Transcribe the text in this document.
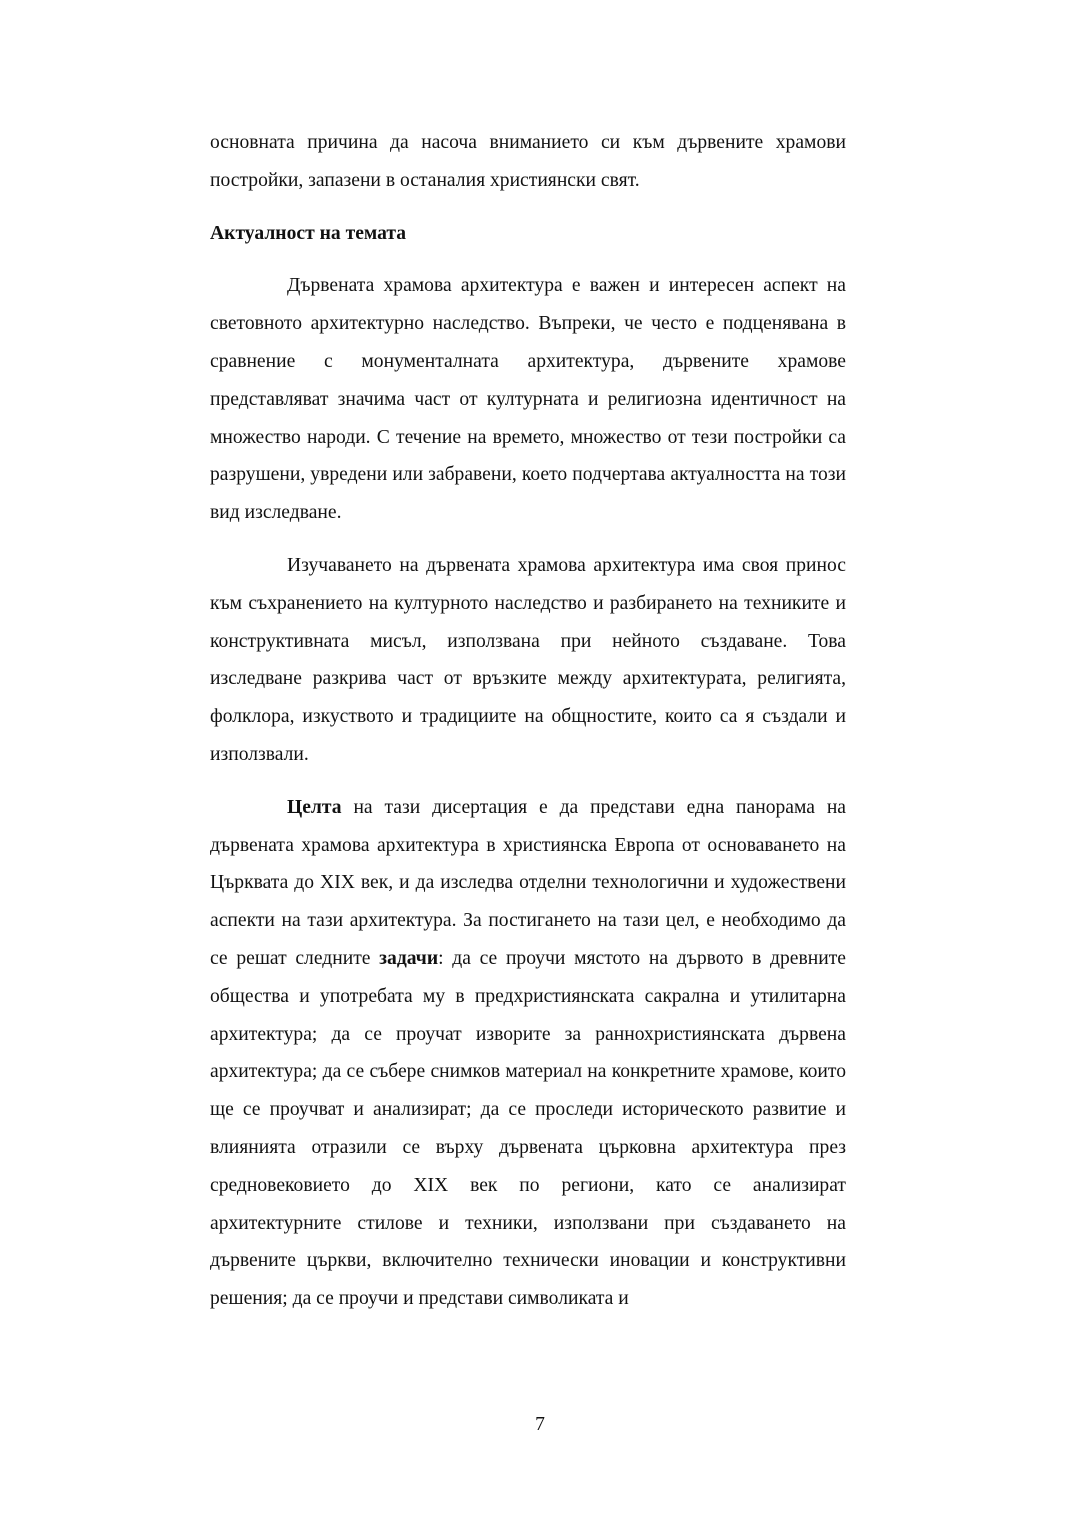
основната причина да насоча вниманието си към дървените храмови постройки, запазени в останалия християнски свят.

Актуалност на темата

Дървената храмова архитектура е важен и интересен аспект на световното архитектурно наследство. Въпреки, че често е подценявана в сравнение с монументалната архитектура, дървените храмове представляват значима част от културната и религиозна идентичност на множество народи. С течение на времето, множество от тези постройки са разрушени, увредени или забравени, което подчертава актуалността на този вид изследване.

Изучаването на дървената храмова архитектура има своя принос към съхранението на културното наследство и разбирането на техниките и конструктивната мисъл, използвана при нейното създаване. Това изследване разкрива част от връзките между архитектурата, религията, фолклора, изкуството и традициите на общностите, които са я създали и използвали.

Целта на тази дисертация е да представи една панорама на дървената храмова архитектура в християнска Европа от основаването на Църквата до XIX век, и да изследва отделни технологични и художествени аспекти на тази архитектура. За постигането на тази цел, е необходимо да се решат следните задачи: да се проучи мястото на дървото в древните общества и употребата му в предхристиянската сакрална и утилитарна архитектура; да се проучат изворите за раннохристиянската дървена архитектура; да се събере снимков материал на конкретните храмове, които ще се проучват и анализират; да се проследи историческото развитие и влиянията отразили се върху дървената църковна архитектура през средновековието до XIX век по региони, като се анализират архитектурните стилове и техники, използвани при създаването на дървените църкви, включително технически иновации и конструктивни решения; да се проучи и представи символиката и

7
